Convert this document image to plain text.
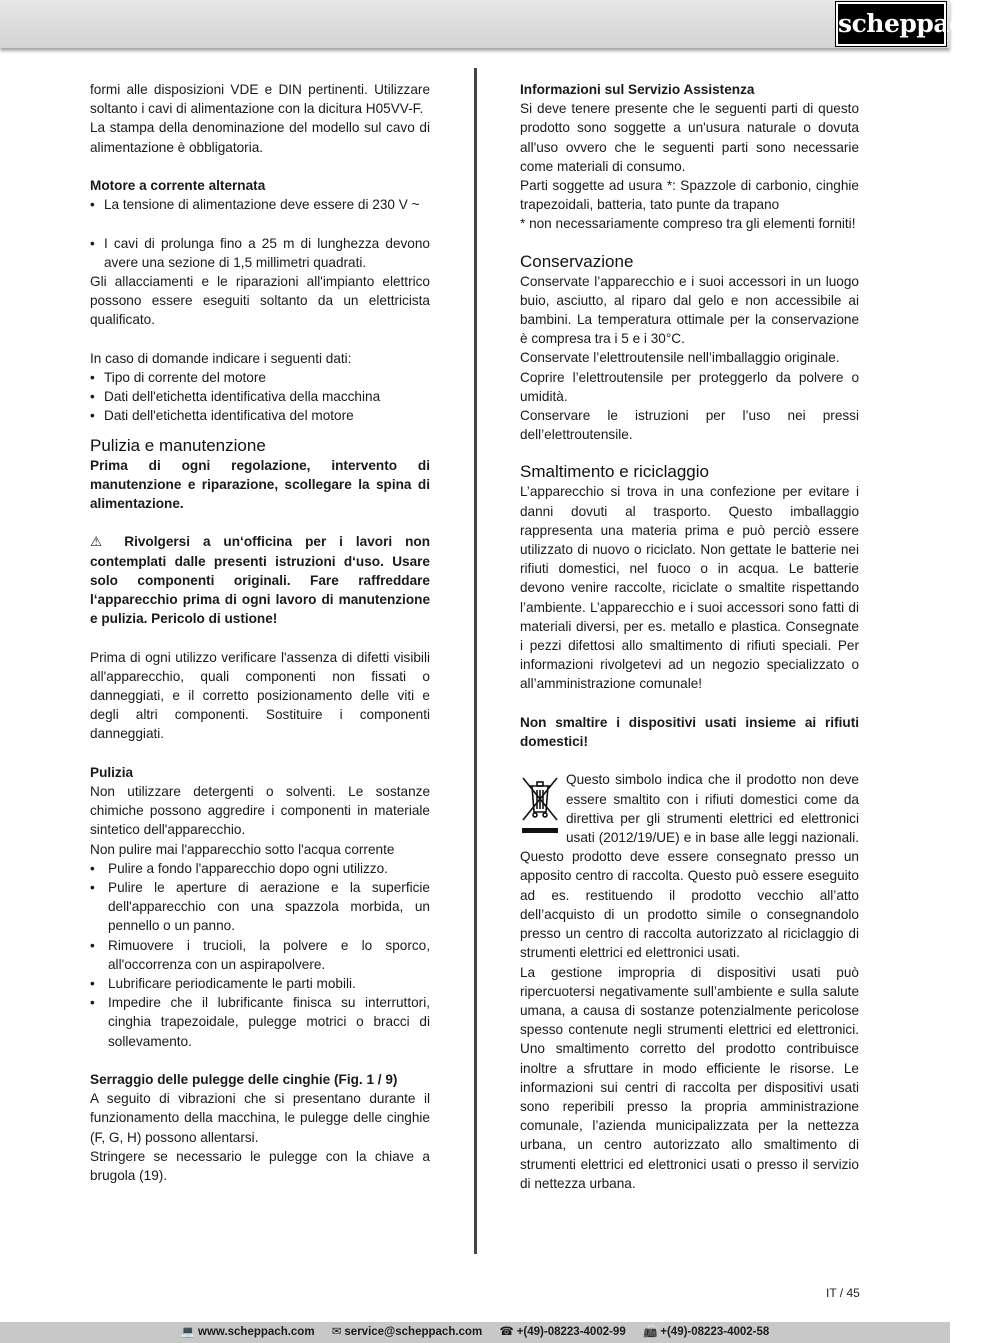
scheppach

formi alle disposizioni VDE e DIN pertinenti. Utilizzare soltanto i cavi di alimentazione con la dicitura H05VV-F.

La stampa della denominazione del modello sul cavo di alimentazione è obbligatoria.

Motore a corrente alternata

• La tensione di alimentazione deve essere di 230 V ~
• I cavi di prolunga fino a 25 m di lunghezza devono avere una sezione di 1,5 millimetri quadrati.

Gli allacciamenti e le riparazioni all'impianto elettrico possono essere eseguiti soltanto da un elettricista qualificato.

In caso di domande indicare i seguenti dati:

• Tipo di corrente del motore
• Dati dell'etichetta identificativa della macchina
• Dati dell'etichetta identificativa del motore

Pulizia e manutenzione

Prima di ogni regolazione, intervento di manutenzione e riparazione, scollegare la spina di alimentazione.

⚠ Rivolgersi a un‘officina per i lavori non contemplati dalle presenti istruzioni d‘uso. Usare solo componenti originali. Fare raffreddare l‘apparecchio prima di ogni lavoro di manutenzione e pulizia. Pericolo di ustione!

Prima di ogni utilizzo verificare l'assenza di difetti visibili all'apparecchio, quali componenti non fissati o danneggiati, e il corretto posizionamento delle viti e degli altri componenti. Sostituire i componenti danneggiati.

Pulizia

Non utilizzare detergenti o solventi. Le sostanze chimiche possono aggredire i componenti in materiale sintetico dell'apparecchio.

Non pulire mai l'apparecchio sotto l'acqua corrente

• Pulire a fondo l'apparecchio dopo ogni utilizzo.
• Pulire le aperture di aerazione e la superficie dell'apparecchio con una spazzola morbida, un pennello o un panno.
• Rimuovere i trucioli, la polvere e lo sporco, all'occorrenza con un aspirapolvere.
• Lubrificare periodicamente le parti mobili.
• Impedire che il lubrificante finisca su interruttori, cinghia trapezoidale, pulegge motrici o bracci di sollevamento.

Serraggio delle pulegge delle cinghie (Fig. 1 / 9)

A seguito di vibrazioni che si presentano durante il funzionamento della macchina, le pulegge delle cinghie (F, G, H) possono allentarsi.

Stringere se necessario le pulegge con la chiave a brugola (19).

Informazioni sul Servizio Assistenza

Si deve tenere presente che le seguenti parti di questo prodotto sono soggette a un'usura naturale o dovuta all'uso ovvero che le seguenti parti sono necessarie come materiali di consumo.

Parti soggette ad usura *: Spazzole di carbonio, cinghie trapezoidali, batteria, tato punte da trapano

* non necessariamente compreso tra gli elementi forniti!

Conservazione

Conservate l’apparecchio e i suoi accessori in un luogo buio, asciutto, al riparo dal gelo e non accessibile ai bambini. La temperatura ottimale per la conservazione è compresa tra i 5 e i 30°C.

Conservate l’elettroutensile nell’imballaggio originale.

Coprire l’elettroutensile per proteggerlo da polvere o umidità.

Conservare le istruzioni per l’uso nei pressi dell’elettroutensile.

Smaltimento e riciclaggio

L’apparecchio si trova in una confezione per evitare i danni dovuti al trasporto. Questo imballaggio rappresenta una materia prima e può perciò essere utilizzato di nuovo o riciclato. Non gettate le batterie nei rifiuti domestici, nel fuoco o in acqua. Le batterie devono venire raccolte, riciclate o smaltite rispettando l’ambiente. L’apparecchio e i suoi accessori sono fatti di materiali diversi, per es. metallo e plastica. Consegnate i pezzi difettosi allo smaltimento di rifiuti speciali. Per informazioni rivolgetevi ad un negozio specializzato o all’amministrazione comunale!

Non smaltire i dispositivi usati insieme ai rifiuti domestici!

Questo simbolo indica che il prodotto non deve essere smaltito con i rifiuti domestici come da direttiva per gli strumenti elettrici ed elettronici usati (2012/19/UE) e in base alle leggi nazionali. Questo prodotto deve essere consegnato presso un apposito centro di raccolta. Questo può essere eseguito ad es. restituendo il prodotto vecchio all’atto dell’acquisto di un prodotto simile o consegnandolo presso un centro di raccolta autorizzato al riciclaggio di strumenti elettrici ed elettronici usati.

La gestione impropria di dispositivi usati può ripercuotersi negativamente sull’ambiente e sulla salute umana, a causa di sostanze potenzialmente pericolose spesso contenute negli strumenti elettrici ed elettronici. Uno smaltimento corretto del prodotto contribuisce inoltre a sfruttare in modo efficiente le risorse. Le informazioni sui centri di raccolta per dispositivi usati sono reperibili presso la propria amministrazione comunale, l’azienda municipalizzata per la nettezza urbana, un centro autorizzato allo smaltimento di strumenti elettrici ed elettronici usati o presso il servizio di nettezza urbana.

IT / 45
💻 www.scheppach.com ✉ service@scheppach.com ☎ +(49)-08223-4002-99 📠 +(49)-08223-4002-58
